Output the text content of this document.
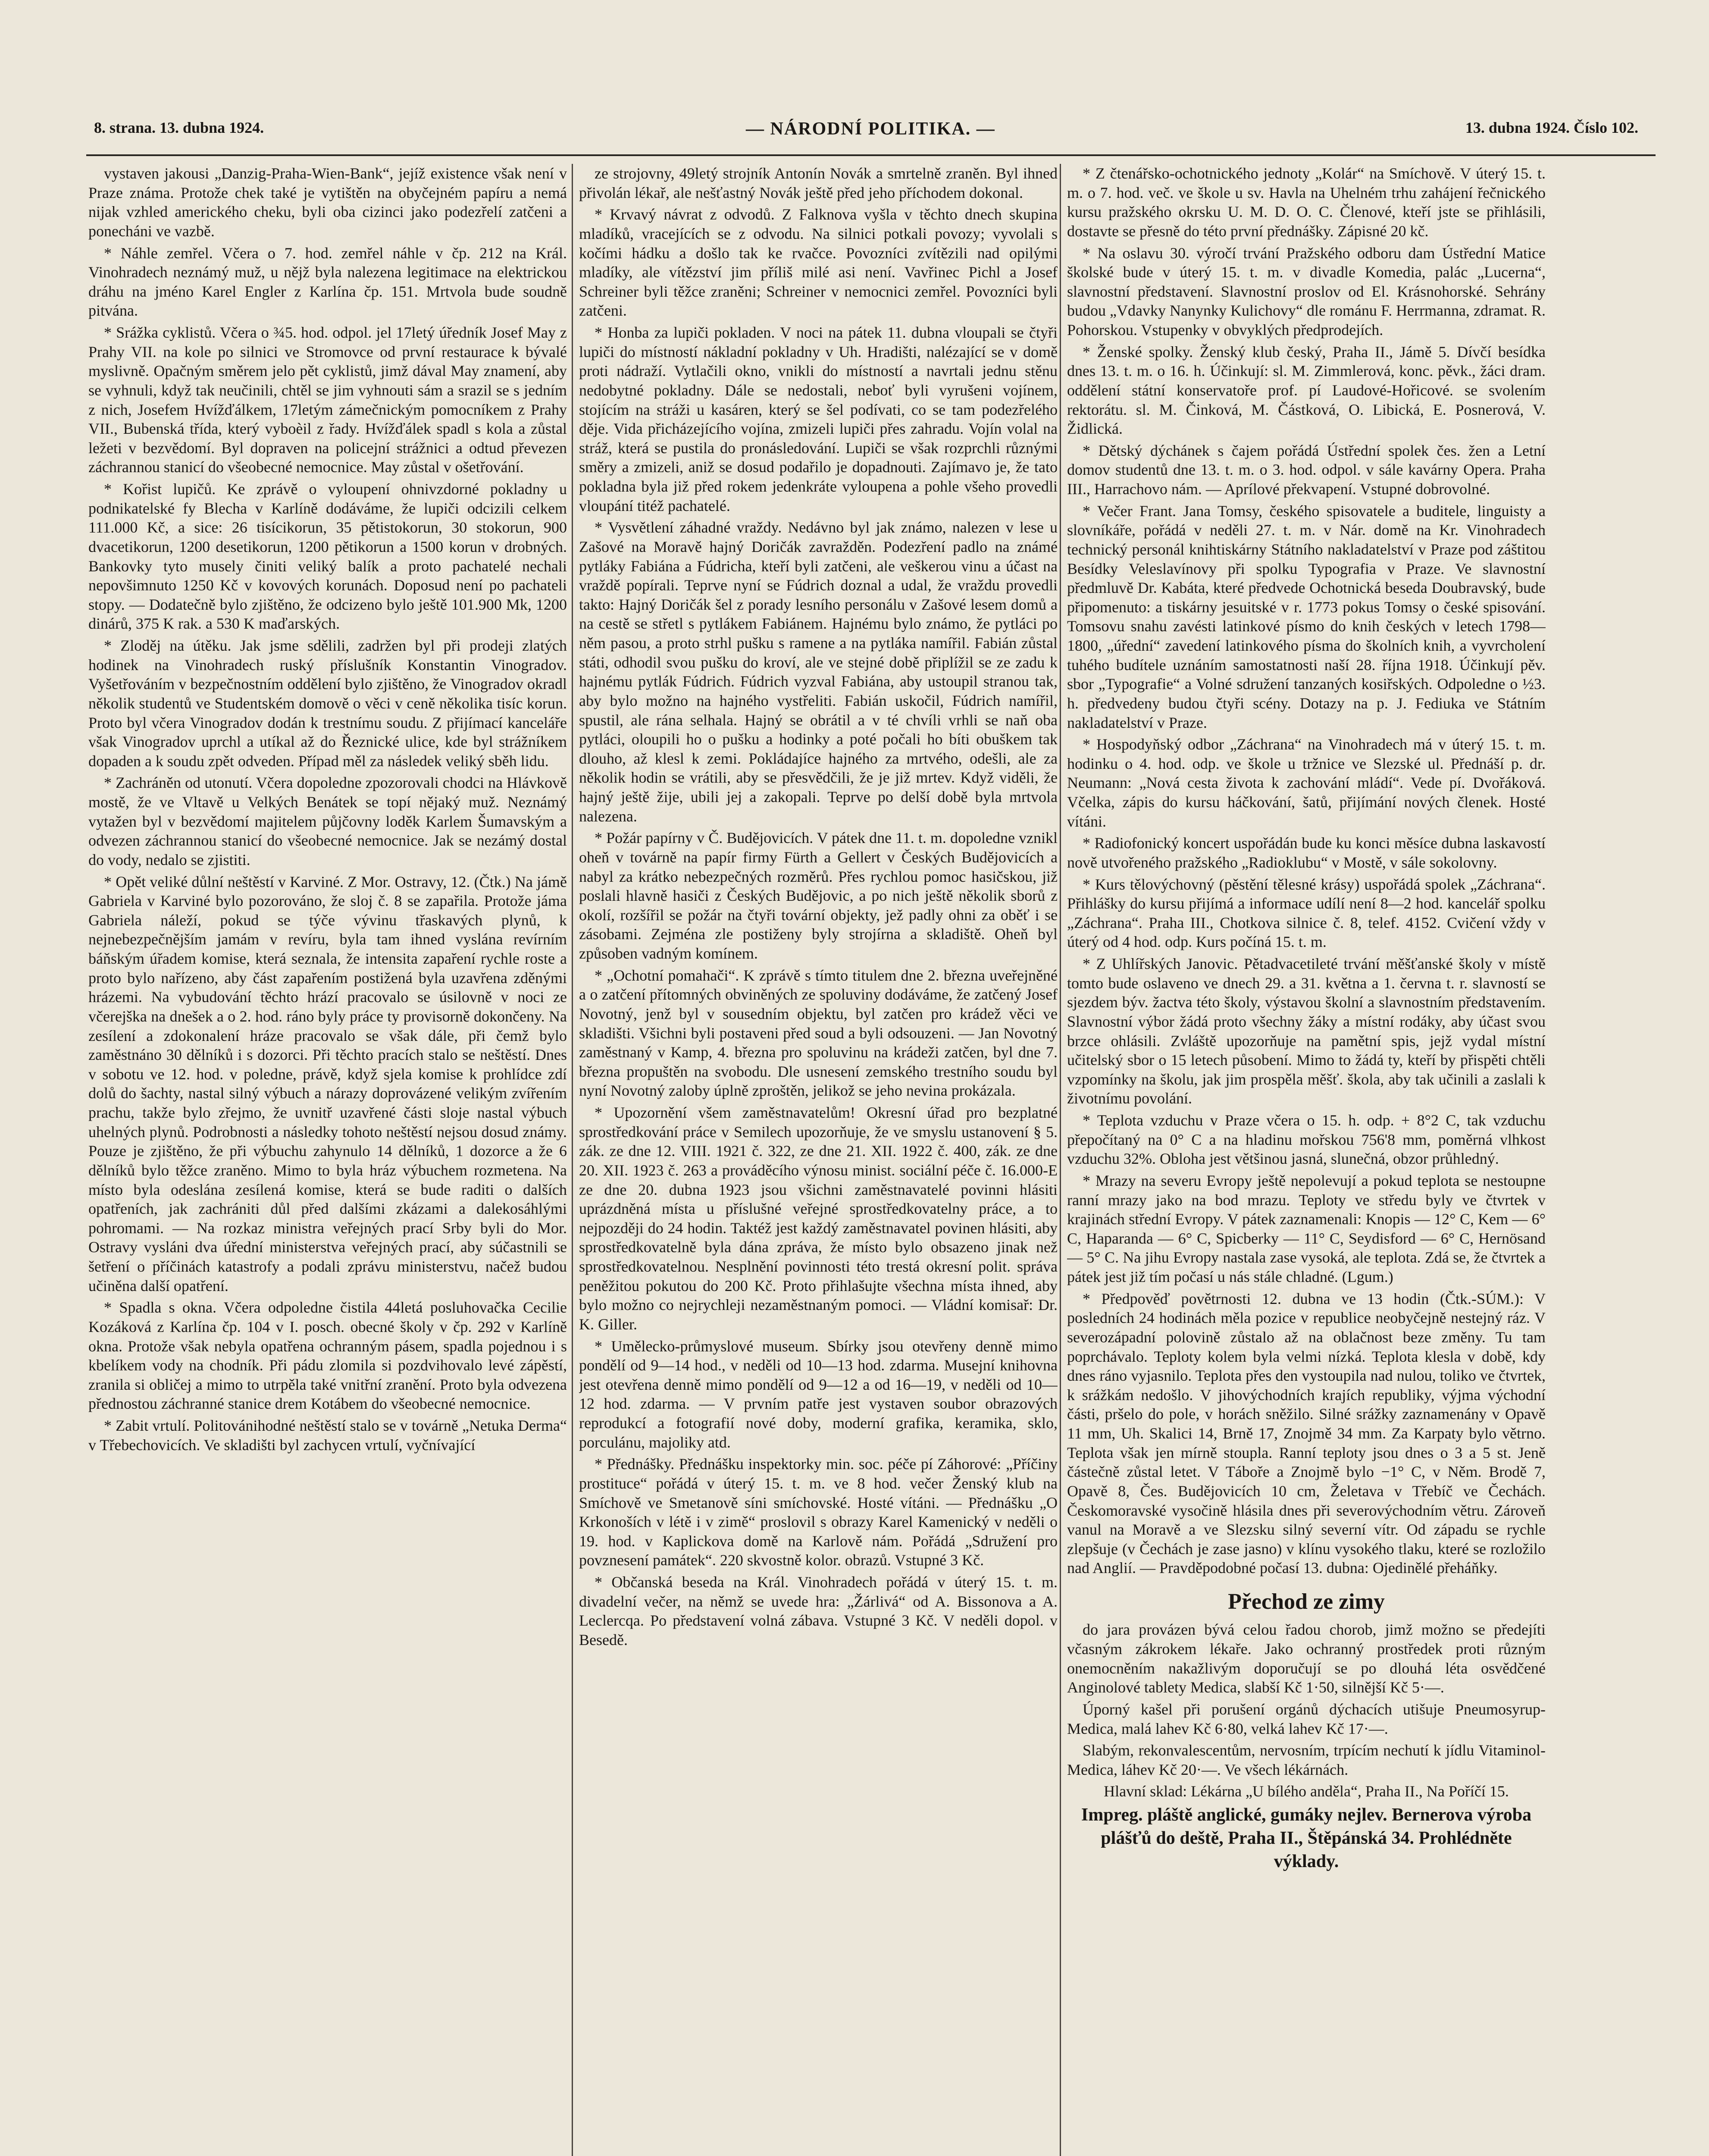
8. strana. 13. dubna 1924.	— NÁRODNÍ POLITIKA. —	13. dubna 1924. Číslo 102.

vystaven jakousi „Danzig-Praha-Wien-Bank“, jejíž existence však není v Praze známa. Protože chek také je vytištěn na obyčejném papíru a nemá nijak vzhled amerického cheku, byli oba cizinci jako podezřelí zatčeni a ponecháni ve vazbě.

* Náhle zemřel. Včera o 7. hod. zemřel náhle v čp. 212 na Král. Vinohradech neznámý muž, u nějž byla nalezena legitimace na elektrickou dráhu na jméno Karel Engler z Karlína čp. 151. Mrtvola bude soudně pitvána.

* Srážka cyklistů. Včera o ¾5. hod. odpol. jel 17letý úředník Josef May z Prahy VII. na kole po silnici ve Stromovce od první restaurace k bývalé myslivně. Opačným směrem jelo pět cyklistů, jimž dával May znamení, aby se vyhnuli, když tak neučinili, chtěl se jim vyhnouti sám a srazil se s jedním z nich, Josefem Hvížďálkem, 17letým zámečnickým pomocníkem z Prahy VII., Bubenská třída, který vyboèil z řady. Hvížďálek spadl s kola a zůstal ležeti v bezvědomí. Byl dopraven na policejní strážnici a odtud převezen záchrannou stanicí do všeobecné nemocnice. May zůstal v ošetřování.

* Kořist lupičů. Ke zprávě o vyloupení ohnivzdorné pokladny u podnikatelské fy Blecha v Karlíně dodáváme, že lupiči odcizili celkem 111.000 Kč, a sice: 26 tisícikorun, 35 pětistokorun, 30 stokorun, 900 dvacetikorun, 1200 desetikorun, 1200 pětikorun a 1500 korun v drobných. Bankovky tyto musely činiti veliký balík a proto pachatelé nechali nepovšimnuto 1250 Kč v kovových korunách. Doposud není po pachateli stopy. — Dodatečně bylo zjištěno, že odcizeno bylo ještě 101.900 Mk, 1200 dinárů, 375 K rak. a 530 K maďarských.

* Zloděj na útěku. Jak jsme sdělili, zadržen byl při prodeji zlatých hodinek na Vinohradech ruský příslušník Konstantin Vinogradov. Vyšetřováním v bezpečnostním oddělení bylo zjištěno, že Vinogradov okradl několik studentů ve Studentském domově o věci v ceně několika tisíc korun. Proto byl včera Vinogradov dodán k trestnímu soudu. Z přijímací kanceláře však Vinogradov uprchl a utíkal až do Řeznické ulice, kde byl strážníkem dopaden a k soudu zpět odveden. Případ měl za následek veliký sběh lidu.

* Zachráněn od utonutí. Včera dopoledne zpozorovali chodci na Hlávkově mostě, že ve Vltavě u Velkých Benátek se topí nějaký muž. Neznámý vytažen byl v bezvědomí majitelem půjčovny loděk Karlem Šumavským a odvezen záchrannou stanicí do všeobecné nemocnice. Jak se nezámý dostal do vody, nedalo se zjistiti.

* Opět veliké důlní neštěstí v Karviné. Z Mor. Ostravy, 12. (Čtk.) Na jámě Gabriela v Karviné bylo pozorováno, že sloj č. 8 se zapařila. Protože jáma Gabriela náleží, pokud se týče vývinu třaskavých plynů, k nejnebezpečnějším jamám v revíru, byla tam ihned vyslána revírním báňským úřadem komise, která seznala, že intensita zapaření rychle roste a proto bylo nařízeno, aby část zapařením postižená byla uzavřena zděnými hrázemi. Na vybudování těchto hrází pracovalo se úsilovně v noci ze včerejška na dnešek a o 2. hod. ráno byly práce ty provisorně dokončeny. Na zesílení a zdokonalení hráze pracovalo se však dále, při čemž bylo zaměstnáno 30 dělníků i s dozorci. Při těchto pracích stalo se neštěstí. Dnes v sobotu ve 12. hod. v poledne, právě, když sjela komise k prohlídce zdí dolů do šachty, nastal silný výbuch a nárazy doprovázené velikým zvířením prachu, takže bylo zřejmo, že uvnitř uzavřené části sloje nastal výbuch uhelných plynů. Podrobnosti a následky tohoto neštěstí nejsou dosud známy. Pouze je zjištěno, že při výbuchu zahynulo 14 dělníků, 1 dozorce a že 6 dělníků bylo těžce zraněno. Mimo to byla hráz výbuchem rozmetena. Na místo byla odeslána zesílená komise, která se bude raditi o dalších opatřeních, jak zachrániti důl před dalšími zkázami a dalekosáhlými pohromami. — Na rozkaz ministra veřejných prací Srby byli do Mor. Ostravy vysláni dva úřední ministerstva veřejných prací, aby súčastnili se šetření o příčinách katastrofy a podali zprávu ministerstvu, načež budou učiněna další opatření.

* Spadla s okna. Včera odpoledne čistila 44letá posluhovačka Cecilie Kozáková z Karlína čp. 104 v I. posch. obecné školy v čp. 292 v Karlíně okna. Protože však nebyla opatřena ochranným pásem, spadla pojednou i s kbelíkem vody na chodník. Při pádu zlomila si pozdvihovalo levé zápěstí, zranila si obličej a mimo to utrpěla také vnitřní zranění. Proto byla odvezena přednostou záchranné stanice drem Kotábem do všeobecné nemocnice.

* Zabit vrtulí. Politovánihodné neštěstí stalo se v továrně „Netuka Derma“ v Třebechovicích. Ve skladišti byl zachycen vrtulí, vyčnívající

ze strojovny, 49letý strojník Antonín Novák a smrtelně zraněn. Byl ihned přivolán lékař, ale nešťastný Novák ještě před jeho příchodem dokonal.

* Krvavý návrat z odvodů. Z Falknova vyšla v těchto dnech skupina mladíků, vracejících se z odvodu. Na silnici potkali povozy; vyvolali s kočími hádku a došlo tak ke rvačce. Povozníci zvítězili nad opilými mladíky, ale vítězství jim příliš milé asi není. Vavřinec Pichl a Josef Schreiner byli těžce zraněni; Schreiner v nemocnici zemřel. Povozníci byli zatčeni.

* Honba za lupiči pokladen. V noci na pátek 11. dubna vloupali se čtyři lupiči do místností nákladní pokladny v Uh. Hradišti, nalézající se v domě proti nádraží. Vytlačili okno, vnikli do místností a navrtali jednu stěnu nedobytné pokladny. Dále se nedostali, neboť byli vyrušeni vojínem, stojícím na stráži u kasáren, který se šel podívati, co se tam podezřelého děje. Vida přicházejícího vojína, zmizeli lupiči přes zahradu. Vojín volal na stráž, která se pustila do pronásledování. Lupiči se však rozprchli různými směry a zmizeli, aniž se dosud podařilo je dopadnouti. Zajímavo je, že tato pokladna byla již před rokem jedenkráte vyloupena a pohle všeho provedli vloupání titéž pachatelé.

* Vysvětlení záhadné vraždy. Nedávno byl jak známo, nalezen v lese u Zašové na Moravě hajný Doričák zavražděn. Podezření padlo na známé pytláky Fabiána a Fúdricha, kteří byli zatčeni, ale veškerou vinu a účast na vraždě popírali. Teprve nyní se Fúdrich doznal a udal, že vraždu provedli takto: Hajný Doričák šel z porady lesního personálu v Zašové lesem domů a na cestě se střetl s pytlákem Fabiánem. Hajnému bylo známo, že pytláci po něm pasou, a proto strhl pušku s ramene a na pytláka namířil. Fabián zůstal státi, odhodil svou pušku do kroví, ale ve stejné době připlížil se ze zadu k hajnému pytlák Fúdrich. Fúdrich vyzval Fabiána, aby ustoupil stranou tak, aby bylo možno na hajného vystřeliti. Fabián uskočil, Fúdrich namířil, spustil, ale rána selhala. Hajný se obrátil a v té chvíli vrhli se naň oba pytláci, oloupili ho o pušku a hodinky a poté počali ho bíti obuškem tak dlouho, až klesl k zemi. Pokládajíce hajného za mrtvého, odešli, ale za několik hodin se vrátili, aby se přesvědčili, že je již mrtev. Když viděli, že hajný ještě žije, ubili jej a zakopali. Teprve po delší době byla mrtvola nalezena.

* Požár papírny v Č. Budějovicích. V pátek dne 11. t. m. dopoledne vznikl oheň v továrně na papír firmy Fürth a Gellert v Českých Budějovicích a nabyl za krátko nebezpečných rozměrů. Přes rychlou pomoc hasičskou, již poslali hlavně hasiči z Českých Budějovic, a po nich ještě několik sborů z okolí, rozšířil se požár na čtyři tovární objekty, jež padly ohni za oběť i se zásobami. Zejména zle postiženy byly strojírna a skladiště. Oheň byl způsoben vadným komínem.

* „Ochotní pomahači“. K zprávě s tímto titulem dne 2. března uveřejněné a o zatčení přítomných obviněných ze spoluviny dodáváme, že zatčený Josef Novotný, jenž byl v sousedním objektu, byl zatčen pro krádež věci ve skladišti. Všichni byli postaveni před soud a byli odsouzeni. — Jan Novotný zaměstnaný v Kamp, 4. března pro spoluvinu na krádeži zatčen, byl dne 7. března propuštěn na svobodu. Dle usnesení zemského trestního soudu byl nyní Novotný zaloby úplně zproštěn, jelikož se jeho nevina prokázala.

* Upozornění všem zaměstnavatelům! Okresní úřad pro bezplatné sprostředkování práce v Semilech upozorňuje, že ve smyslu ustanovení § 5. zák. ze dne 12. VIII. 1921 č. 322, ze dne 21. XII. 1922 č. 400, zák. ze dne 20. XII. 1923 č. 263 a prováděcího výnosu minist. sociální péče č. 16.000-E ze dne 20. dubna 1923 jsou všichni zaměstnavatelé povinni hlásiti uprázdněná místa u příslušné veřejné sprostředkovatelny práce, a to nejpozději do 24 hodin. Taktéž jest každý zaměstnavatel povinen hlásiti, aby sprostředkovatelně byla dána zpráva, že místo bylo obsazeno jinak než sprostředkovatelnou. Nesplnění povinnosti této trestá okresní polit. správa peněžitou pokutou do 200 Kč. Proto přihlašujte všechna místa ihned, aby bylo možno co nejrychleji nezaměstnaným pomoci. — Vládní komisař: Dr. K. Giller.

* Umělecko-průmyslové museum. Sbírky jsou otevřeny denně mimo pondělí od 9—14 hod., v neděli od 10—13 hod. zdarma. Musejní knihovna jest otevřena denně mimo pondělí od 9—12 a od 16—19, v neděli od 10—12 hod. zdarma. — V prvním patře jest vystaven soubor obrazových reprodukcí a fotografií nové doby, moderní grafika, keramika, sklo, porculánu, majoliky atd.

* Přednášky. Přednášku inspektorky min. soc. péče pí Záhorové: „Příčiny prostituce“ pořádá v úterý 15. t. m. ve 8 hod. večer Ženský klub na Smíchově ve Smetanově síni smíchovské. Hosté vítáni. — Přednášku „O Krkonoších v létě i v zimě“ proslovil s obrazy Karel Kamenický v neděli o 19. hod. v Kaplickova domě na Karlově nám. Pořádá „Sdružení pro povznesení památek“. 220 skvostně kolor. obrazů. Vstupné 3 Kč.

* Občanská beseda na Král. Vinohradech pořádá v úterý 15. t. m. divadelní večer, na němž se uvede hra: „Žárlivá“ od A. Bissonova a A. Leclercqa. Po představení volná zábava. Vstupné 3 Kč. V neděli dopol. v Besedě.

* Z čtenářsko-ochotnického jednoty „Kolár“ na Smíchově. V úterý 15. t. m. o 7. hod. več. ve škole u sv. Havla na Uhelném trhu zahájení řečnického kursu pražského okrsku U. M. D. O. C. Členové, kteří jste se přihlásili, dostavte se přesně do této první přednášky. Zápisné 20 kč.

* Na oslavu 30. výročí trvání Pražského odboru dam Ústřední Matice školské bude v úterý 15. t. m. v divadle Komedia, palác „Lucerna“, slavnostní představení. Slavnostní proslov od El. Krásnohorské. Sehrány budou „Vdavky Nanynky Kulichovy“ dle románu F. Herrmanna, zdramat. R. Pohorskou. Vstupenky v obvyklých předprodejích.

* Ženské spolky. Ženský klub český, Praha II., Jámě 5. Dívčí besídka dnes 13. t. m. o 16. h. Účinkují: sl. M. Zimmlerová, konc. pěvk., žáci dram. oddělení státní konservatoře prof. pí Laudové-Hořicové. se svolením rektorátu. sl. M. Činková, M. Částková, O. Libická, E. Posnerová, V. Židlická.

* Dětský dýchánek s čajem pořádá Ústřední spolek čes. žen a Letní domov studentů dne 13. t. m. o 3. hod. odpol. v sále kavárny Opera. Praha III., Harrachovo nám. — Aprílové překvapení. Vstupné dobrovolné.

* Večer Frant. Jana Tomsy, českého spisovatele a buditele, linguisty a slovníkáře, pořádá v neděli 27. t. m. v Nár. domě na Kr. Vinohradech technický personál knihtiskárny Státního nakladatelství v Praze pod záštitou Besídky Veleslavínovy při spolku Typografia v Praze. Ve slavnostní předmluvě Dr. Kabáta, které předvede Ochotnická beseda Doubravský, bude připomenuto: a tiskárny jesuitské v r. 1773 pokus Tomsy o české spisování. Tomsovu snahu zavésti latinkové písmo do knih českých v letech 1798—1800, „úřední“ zavedení latinkového písma do školních knih, a vyvrcholení tuhého budítele uznáním samostatnosti naší 28. října 1918. Účinkují pěv. sbor „Typografie“ a Volné sdružení tanzaných kosiřských. Odpoledne o ½3. h. předvedeny budou čtyři scény. Dotazy na p. J. Fediuka ve Státním nakladatelství v Praze.

* Hospodyňský odbor „Záchrana“ na Vinohradech má v úterý 15. t. m. hodinku o 4. hod. odp. ve škole u tržnice ve Slezské ul. Přednáší p. dr. Neumann: „Nová cesta života k zachování mládí“. Vede pí. Dvořáková. Včelka, zápis do kursu háčkování, šatů, přijímání nových členek. Hosté vítáni.

* Radiofonický koncert uspořádán bude ku konci měsíce dubna laskavostí nově utvořeného pražského „Radioklubu“ v Mostě, v sále sokolovny.

* Kurs tělovýchovný (pěstění tělesné krásy) uspořádá spolek „Záchrana“. Přihlášky do kursu přijímá a informace udílí není 8—2 hod. kancelář spolku „Záchrana“. Praha III., Chotkova silnice č. 8, telef. 4152. Cvičení vždy v úterý od 4 hod. odp. Kurs počíná 15. t. m.

* Z Uhlířských Janovic. Pětadvacetileté trvání měšťanské školy v místě tomto bude oslaveno ve dnech 29. a 31. května a 1. června t. r. slavností se sjezdem býv. žactva této školy, výstavou školní a slavnostním představením. Slavnostní výbor žádá proto všechny žáky a místní rodáky, aby účast svou brzce ohlásili. Zvláště upozorňuje na pamětní spis, jejž vydal místní učitelský sbor o 15 letech působení. Mimo to žádá ty, kteří by přispěti chtěli vzpomínky na školu, jak jim prospěla měšť. škola, aby tak učinili a zaslali k životnímu povolání.

* Teplota vzduchu v Praze včera o 15. h. odp. + 8°2 C, tak vzduchu přepočítaný na 0° C a na hladinu mořskou 756'8 mm, poměrná vlhkost vzduchu 32%. Obloha jest většinou jasná, slunečná, obzor průhledný.

* Mrazy na severu Evropy ještě nepolevují a pokud teplota se nestoupne ranní mrazy jako na bod mrazu. Teploty ve středu byly ve čtvrtek v krajinách střední Evropy. V pátek zaznamenali: Knopis — 12° C, Kem — 6° C, Haparanda — 6° C, Spicberky — 11° C, Seydisford — 6° C, Hernösand — 5° C. Na jihu Evropy nastala zase vysoká, ale teplota. Zdá se, že čtvrtek a pátek jest již tím počasí u nás stále chladné. (Lgum.)

* Předpověď povětrnosti 12. dubna ve 13 hodin (Čtk.-SÚM.): V posledních 24 hodinách měla pozice v republice neobyčejně nestejný ráz. V severozápadní polovině zůstalo až na oblačnost beze změny. Tu tam poprchávalo. Teploty kolem byla velmi nízká. Teplota klesla v době, kdy dnes ráno vyjasnilo. Teplota přes den vystoupila nad nulou, toliko ve čtvrtek, k srážkám nedošlo. V jihovýchodních krajích republiky, výjma východní části, pršelo do pole, v horách sněžilo. Silné srážky zaznamenány v Opavě 11 mm, Uh. Skalici 14, Brně 17, Znojmě 34 mm. Za Karpaty bylo větrno. Teplota však jen mírně stoupla. Ranní teploty jsou dnes o 3 a 5 st. Jeně částečně zůstal letet. V Táboře a Znojmě bylo −1° C, v Něm. Brodě 7, Opavě 8, Čes. Budějovicích 10 cm, Želetava v Třebíč ve Čechách. Českomoravské vysočině hlásila dnes při severovýchodním větru. Zároveň vanul na Moravě a ve Slezsku silný severní vítr. Od západu se rychle zlepšuje (v Čechách je zase jasno) v klínu vysokého tlaku, které se rozložilo nad Anglií. — Pravděpodobné počasí 13. dubna: Ojedinělé přeháňky.

Přechod ze zimy

do jara provázen bývá celou řadou chorob, jimž možno se předejíti včasným zákrokem lékaře. Jako ochranný prostředek proti různým onemocněním nakažlivým doporučují se po dlouhá léta osvědčené Anginolové tablety Medica, slabší Kč 1·50, silnější Kč 5·—.

Úporný kašel při porušení orgánů dýchacích utišuje Pneumosyrup-Medica, malá lahev Kč 6·80, velká lahev Kč 17·—.

Slabým, rekonvalescentům, nervosním, trpícím nechutí k jídlu Vitaminol-Medica, láhev Kč 20·—. Ve všech lékárnách.

Hlavní sklad: Lékárna „U bílého anděla“, Praha II., Na Poříčí 15.

Impreg. pláště anglické, gumáky nejlev. Bernerova výroba plášťů do deště, Praha II., Štěpánská 34. Prohlédněte výklady.
